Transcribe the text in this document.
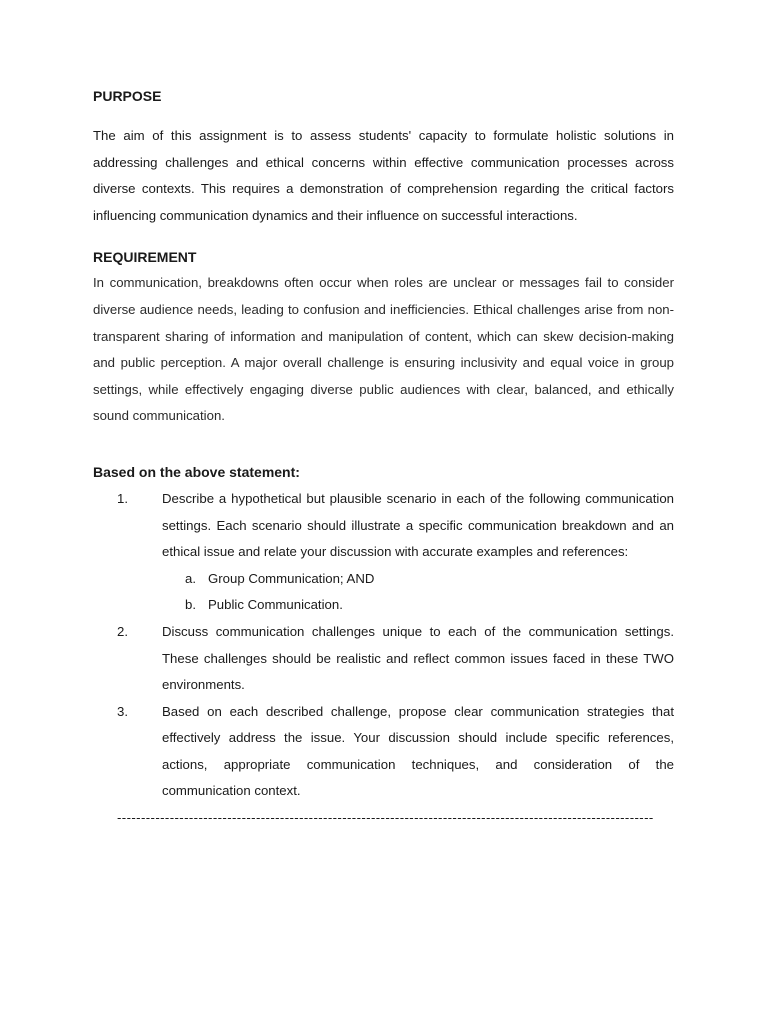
PURPOSE

The aim of this assignment is to assess students' capacity to formulate holistic solutions in addressing challenges and ethical concerns within effective communication processes across diverse contexts. This requires a demonstration of comprehension regarding the critical factors influencing communication dynamics and their influence on successful interactions.

REQUIREMENT

In communication, breakdowns often occur when roles are unclear or messages fail to consider diverse audience needs, leading to confusion and inefficiencies. Ethical challenges arise from non-transparent sharing of information and manipulation of content, which can skew decision-making and public perception. A major overall challenge is ensuring inclusivity and equal voice in group settings, while effectively engaging diverse public audiences with clear, balanced, and ethically sound communication.

Based on the above statement:
1.	Describe a hypothetical but plausible scenario in each of the following communication settings. Each scenario should illustrate a specific communication breakdown and an ethical issue and relate your discussion with accurate examples and references:
a. Group Communication; AND
b. Public Communication.
2.	Discuss communication challenges unique to each of the communication settings. These challenges should be realistic and reflect common issues faced in these TWO environments.
3.	Based on each described challenge, propose clear communication strategies that effectively address the issue. Your discussion should include specific references, actions, appropriate communication techniques, and consideration of the communication context.
----------------------------------------------------------------------------------------------------------------
